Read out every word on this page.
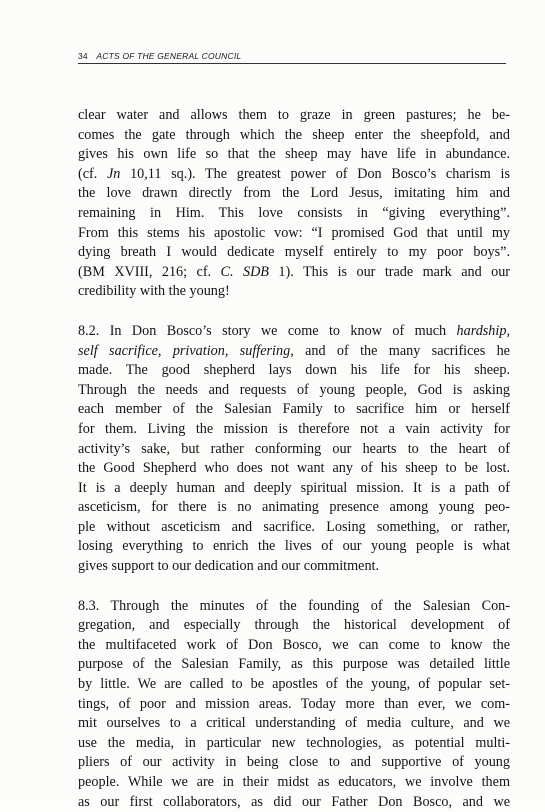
34 ACTS OF THE GENERAL COUNCIL
clear water and allows them to graze in green pastures; he be-
comes the gate through which the sheep enter the sheepfold, and
gives his own life so that the sheep may have life in abundance.
(cf. Jn 10,11 sq.). The greatest power of Don Bosco’s charism is
the love drawn directly from the Lord Jesus, imitating him and
remaining in Him. This love consists in “giving everything”.
From this stems his apostolic vow: “I promised God that until my
dying breath I would dedicate myself entirely to my poor boys”.
(BM XVIII, 216; cf. C. SDB 1). This is our trade mark and our
credibility with the young!
8.2. In Don Bosco’s story we come to know of much hardship,
self sacrifice, privation, suffering, and of the many sacrifices he
made. The good shepherd lays down his life for his sheep.
Through the needs and requests of young people, God is asking
each member of the Salesian Family to sacrifice him or herself
for them. Living the mission is therefore not a vain activity for
activity’s sake, but rather conforming our hearts to the heart of
the Good Shepherd who does not want any of his sheep to be lost.
It is a deeply human and deeply spiritual mission. It is a path of
asceticism, for there is no animating presence among young peo-
ple without asceticism and sacrifice. Losing something, or rather,
losing everything to enrich the lives of our young people is what
gives support to our dedication and our commitment.
8.3. Through the minutes of the founding of the Salesian Con-
gregation, and especially through the historical development of
the multifaceted work of Don Bosco, we can come to know the
purpose of the Salesian Family, as this purpose was detailed little
by little. We are called to be apostles of the young, of popular set-
tings, of poor and mission areas. Today more than ever, we com-
mit ourselves to a critical understanding of media culture, and we
use the media, in particular new technologies, as potential multi-
pliers of our activity in being close to and supportive of young
people. While we are in their midst as educators, we involve them
as our first collaborators, as did our Father Don Bosco, and we
